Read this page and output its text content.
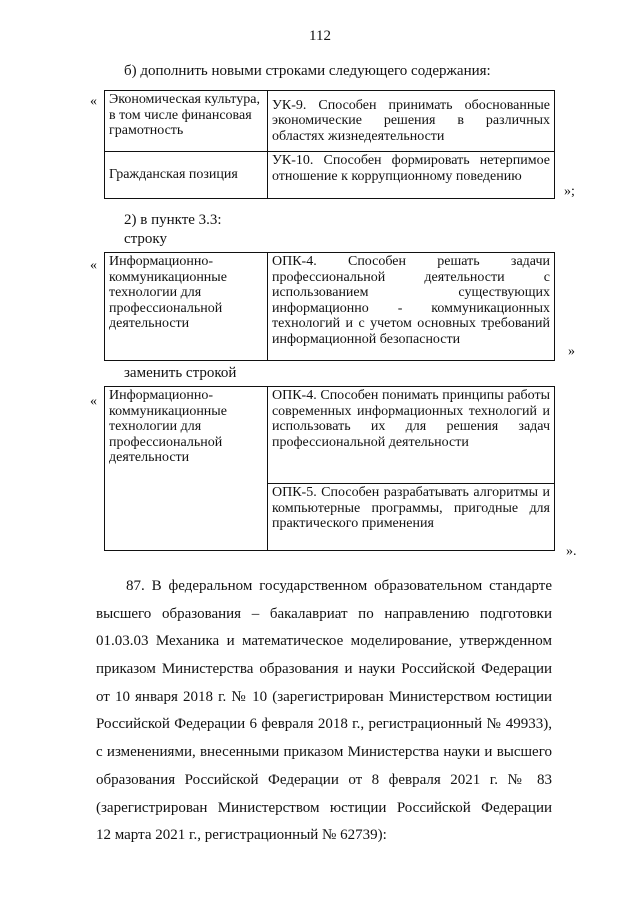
112
б) дополнить новыми строками следующего содержания:
« Экономическая культура, в том числе финансовая грамотность	УК-9. Способен принимать обоснованные экономические решения в различных областях жизнедеятельности
Гражданская позиция	УК-10. Способен формировать нетерпимое отношение к коррупционному поведению
»;
2) в пункте 3.3:
строку
« Информационно-коммуникационные технологии для профессиональной деятельности	ОПК-4. Способен решать задачи профессиональной деятельности с использованием существующих информационно - коммуникационных технологий и с учетом основных требований информационной безопасности
»
заменить строкой
« Информационно-коммуникационные технологии для профессиональной деятельности	ОПК-4. Способен понимать принципы работы современных информационных технологий и использовать их для решения задач профессиональной деятельности
ОПК-5. Способен разрабатывать алгоритмы и компьютерные программы, пригодные для практического применения
».
87. В федеральном государственном образовательном стандарте
высшего образования – бакалавриат по направлению подготовки
01.03.03 Механика и математическое моделирование, утвержденном
приказом Министерства образования и науки Российской Федерации
от 10 января 2018 г. № 10 (зарегистрирован Министерством юстиции
Российской Федерации 6 февраля 2018 г., регистрационный № 49933),
с изменениями, внесенными приказом Министерства науки и высшего
образования Российской Федерации от 8 февраля 2021 г. № 83
(зарегистрирован Министерством юстиции Российской Федерации
12 марта 2021 г., регистрационный № 62739):
